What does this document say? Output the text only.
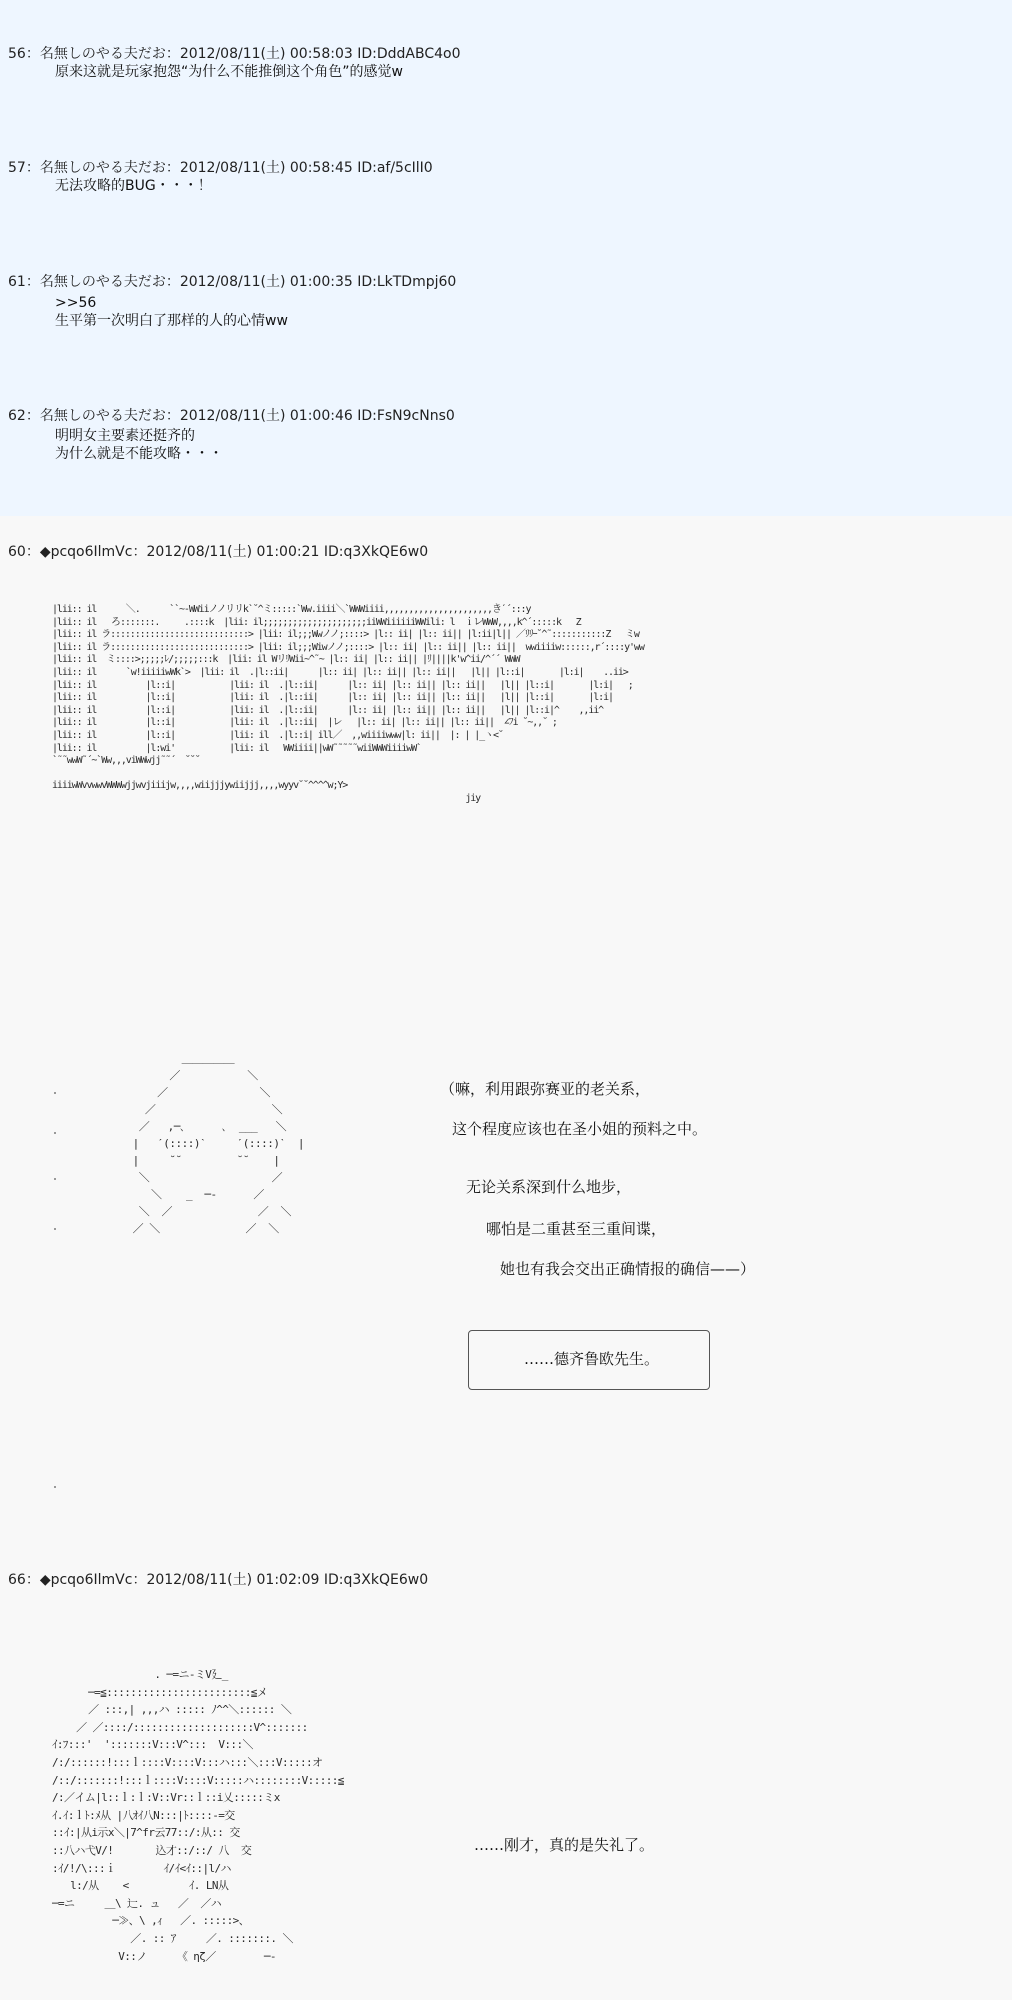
56：名無しのやる夫だお：2012/08/11(土) 00:58:03 ID:DddABC4o0
原来这就是玩家抱怨“为什么不能推倒这个角色”的感觉w
57：名無しのやる夫だお：2012/08/11(土) 00:58:45 ID:af/5cIlI0
无法攻略的BUG・・・！
61：名無しのやる夫だお：2012/08/11(土) 01:00:35 ID:LkTDmpj60
>>56
生平第一次明白了那样的人的心情ww
62：名無しのやる夫だお：2012/08/11(土) 01:00:46 ID:FsN9cNns0
明明女主要素还挺齐的
为什么就是不能攻略・・・
60：◆pcqo6IlmVc：2012/08/11(土) 01:00:21 ID:q3XkQE6w0
|lii:: il      ＼.      ``~-WWiiノノリリk`˘^ミ:::::`Ww.iiii＼`WWWiiii,,,,,,,,,,,,,,,,,,,,,,きˊ´:::y
|lii:: il   ろ:::::::.     .::::k  |lii: il;;;;;;;;;;;;;;;;;;;;;iiWWiiiiiiWWili: l  ｉレWWW,,,,k^´:::::k   Z
|lii:: il ラ::::::::::::::::::::::::::::> |lii: il;;;Wwノノ;::::> |l:: ii| |l:: ii|| |l:ii|l|| ／ﾘﾘｰ˘^˜:::::::::::Z   ミw
|lii:: il ラ::::::::::::::::::::::::::::> |lii: il;;;Wiwノノ;::::> |l:: ii| |l:: ii|| |l:: ii||  wwiiiiw::::::,r´::::y'ww
|lii:: il  ミ::::>;;;;;ﾚ/;;;;;:::k  |lii: il WリﾘWii~^˜~ |l:: ii| |l:: ii|| |ﾘ||||k'w^ii/^´´ WWW
|lii:: il      `w!iiiiiwWk`>  |lii: il  .|l::ii|      |l:: ii| |l:: ii|| |l:: ii||   |l|| |l::i|       |l:i|    ..ii>
|lii:: il          |l::i|           |lii: il  .|l::ii|      |l:: ii| |l:: ii|| |l:: ii||   |l|| |l::i|       |l:i|   ;
|lii:: il          |l::i|           |lii: il  .|l::ii|      |l:: ii| |l:: ii|| |l:: ii||   |l|| |l::i|       |l:i|
|lii:: il          |l::i|           |lii: il  .|l::ii|      |l:: ii| |l:: ii|| |l:: ii||   |l|| |l::i|^    ,,ii^
|lii:: il          |l::i|           |lii: il  .|l::ii|  |レ   |l:: ii| |l:: ii|| |l:: ii||  ∠ﾌi ˘~,,˘ ;
|lii:: il          |l::i|           |lii: il  .|l::i| ill／  ,,wiiiiwww|l: ii||  |: | |_ヽ<˘
|lii:: il          |l:wi'           |lii: il   WWiiii||wW˜˜˜˜˜wiiWWWiiiiwW`
`˜˜wwW˜´~`Ww,,,viWWwjj˜˜´  ˘˘˘

iiiiwWvvwwvWWWwjjwvjiiijw,,,,wiijjjywiijjj,,,,wyyv˘˘^^^^w;Y>
jiy
＿＿＿＿＿
／           ＼
／               ＼
／                   ＼
／   ,─､      ､  ___   ＼
|   ˊ(::::)ˋ     ˊ(::::)ˋ  |
|     ˘˘         ˘˘    |
＼                    ／
＼    _  ─-      ／
＼  ／              ／  ＼
／ ＼              ／  ＼
（嘛，利用跟弥赛亚的老关系，
这个程度应该也在圣小姐的预料之中。
无论关系深到什么地步，
哪怕是二重甚至三重间谍，
她也有我会交出正确情报的确信——）
……德齐鲁欧先生。
66：◆pcqo6IlmVc：2012/08/11(土) 01:02:09 ID:q3XkQE6w0
. ─=ニ-ミV廴_
─=≦::::::::::::::::::::::::≦メ
／ :::,| ,,,ハ ::::: ﾉ^^＼:::::: ＼
／ ／::::/::::::::::::::::::::V^:::::::
ｲ:ﾌ:::'  ':::::::V:::V^:::  V:::＼
/:/::::::!:::ｌ::::V::::V:::ハ:::＼:::V:::::オ
/::/:::::::!:::ｌ::::V::::V:::::ハ::::::::V:::::≦
/:／イム|l::ｌ:ｌ:V::Vr::ｌ::i乂:::::ミx
ｲ.ｲ:ｌﾄ:ﾒ从 |八ｵｲ八N:::|ﾄ::::-=交
::ｲ:|从i示x＼|7^fr云77::/:从:: 交
::八ハ弋V/!       込才::/::/ 八  交
:ｲ/!/\:::ｉ        ｲ/ｲ<ｲ::|l/ハ
l:/从    <          ｲ. LN从
─=ニ     ＿\ 辷. ュ   ／  ／ハ
─≫、\ ,ｨ   ／. :::::>、
／. :: ｱ     ／. :::::::. ＼
V::ノ     《 ηζ／        ─-
……刚才，真的是失礼了。
